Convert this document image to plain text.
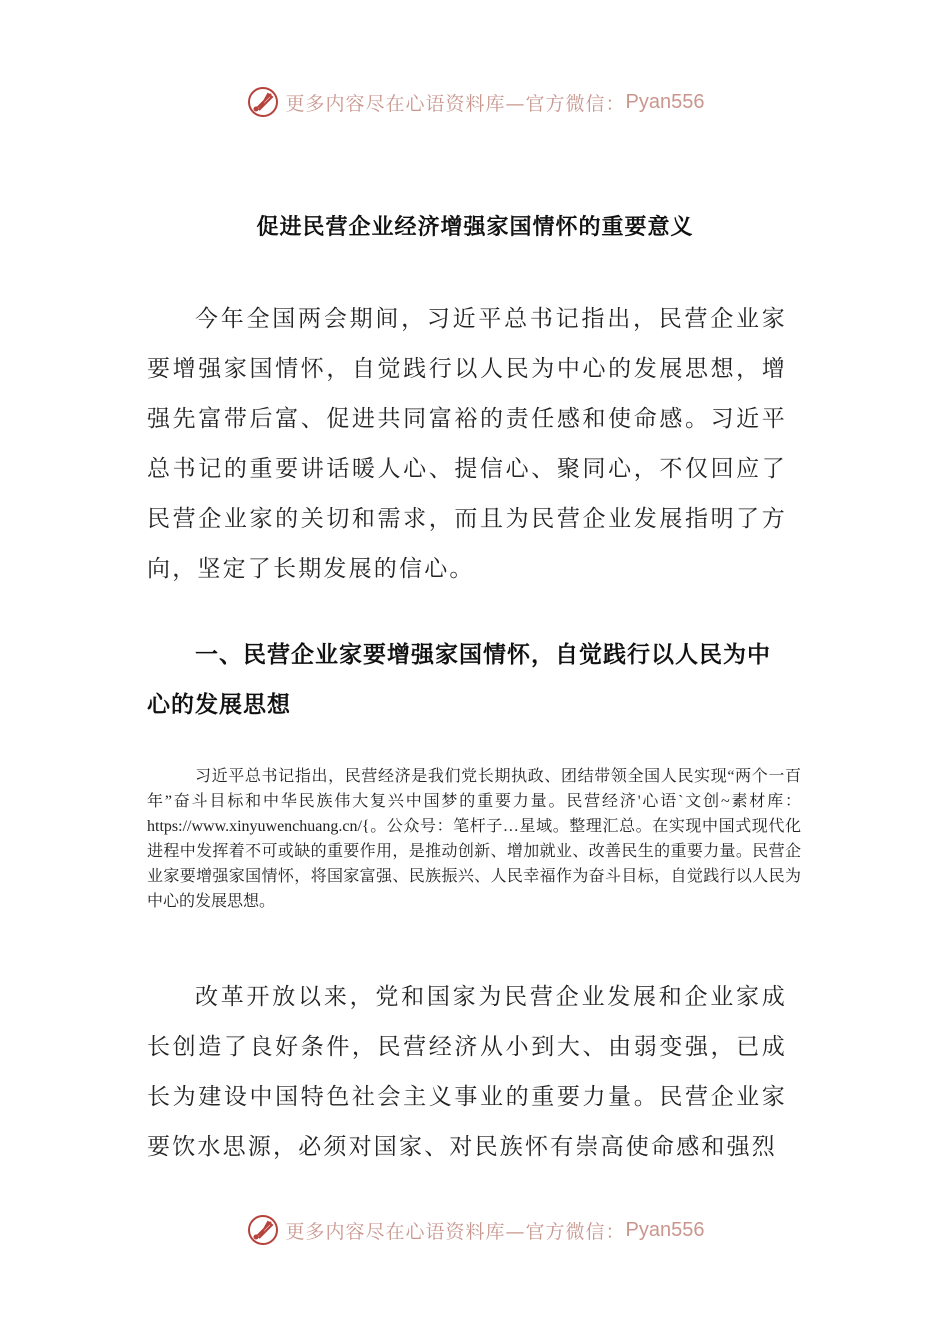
更多内容尽在心语资料库—官方微信： Pyan556
促进民营企业经济增强家国情怀的重要意义

今年全国两会期间，习近平总书记指出，民营企业家要增强家国情怀，自觉践行以人民为中心的发展思想，增强先富带后富、促进共同富裕的责任感和使命感。习近平总书记的重要讲话暖人心、提信心、聚同心，不仅回应了民营企业家的关切和需求，而且为民营企业发展指明了方向，坚定了长期发展的信心。

一、民营企业家要增强家国情怀，自觉践行以人民为中心的发展思想

习近平总书记指出，民营经济是我们党长期执政、团结带领全国人民实现“两个一百年”奋斗目标和中华民族伟大复兴中国梦的重要力量。民营经济'心语`文创~素材库：https://www.xinyuwenchuang.cn/{。公众号：笔杆子…星域。整理汇总。在实现中国式现代化进程中发挥着不可或缺的重要作用，是推动创新、增加就业、改善民生的重要力量。民营企业家要增强家国情怀，将国家富强、民族振兴、人民幸福作为奋斗目标，自觉践行以人民为中心的发展思想。

改革开放以来，党和国家为民营企业发展和企业家成长创造了良好条件，民营经济从小到大、由弱变强，已成长为建设中国特色社会主义事业的重要力量。民营企业家要饮水思源，必须对国家、对民族怀有崇高使命感和强烈

更多内容尽在心语资料库—官方微信： Pyan556
